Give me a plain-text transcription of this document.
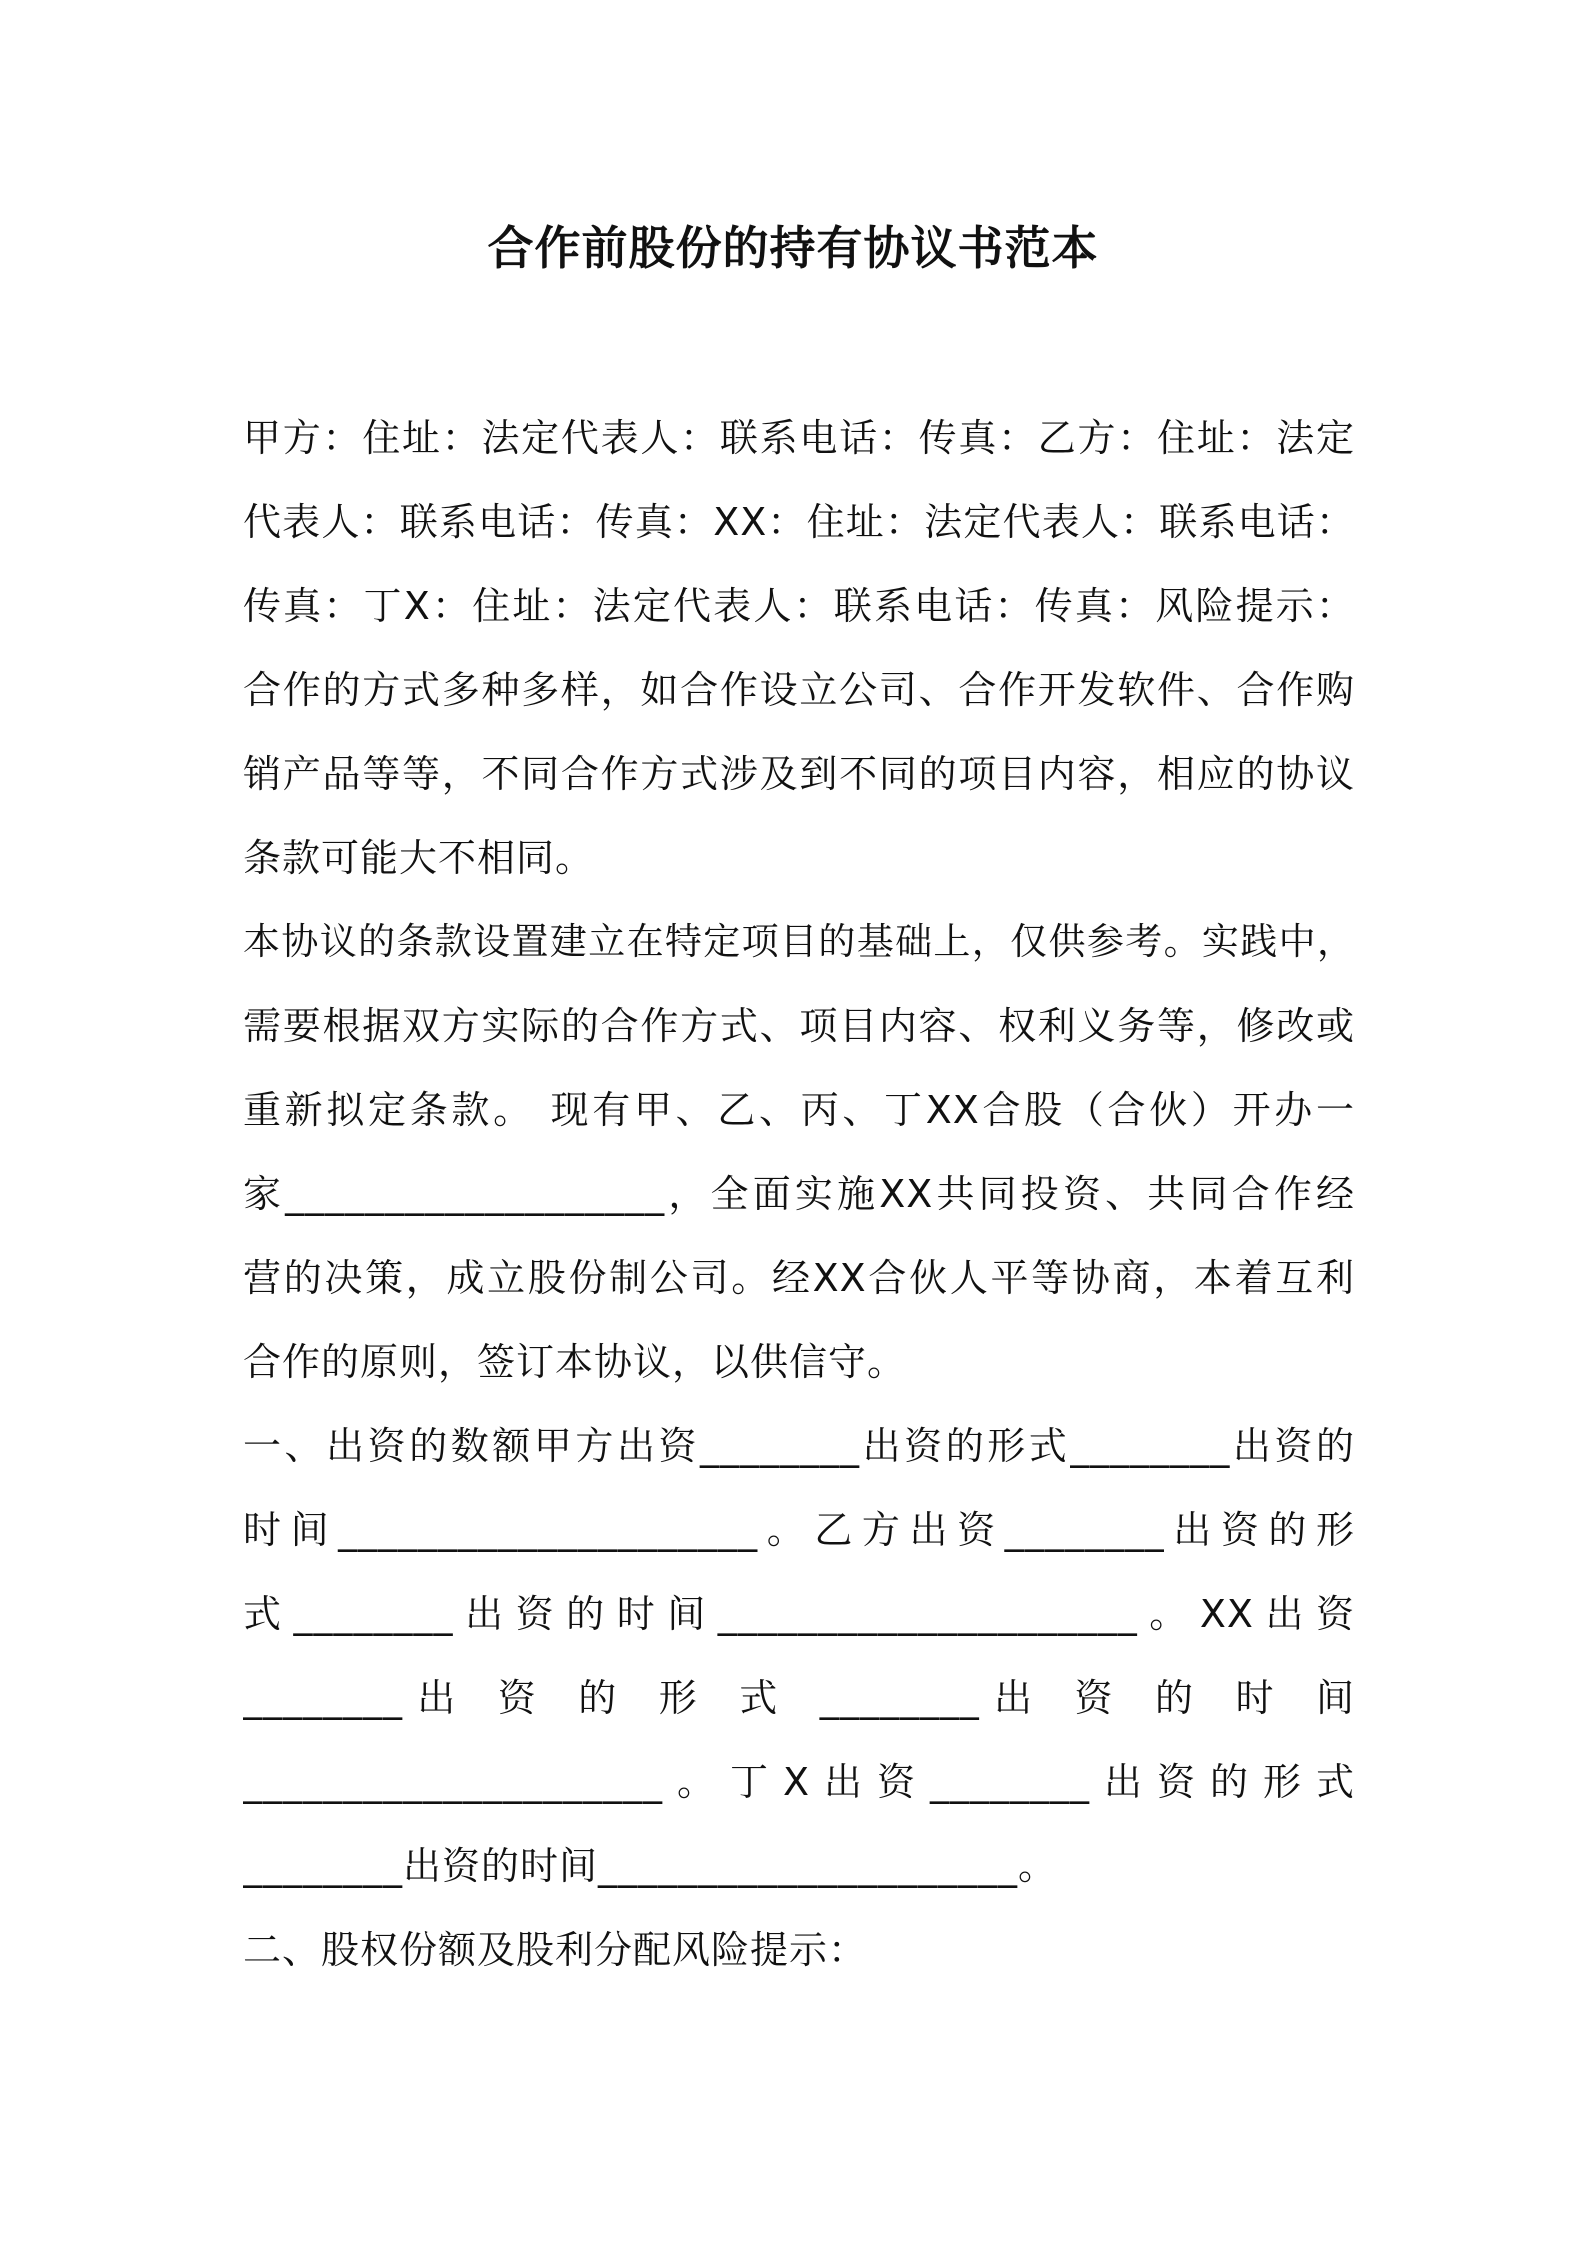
合作前股份的持有协议书范本
甲方：住址：法定代表人：联系电话：传真：乙方：住址：法定
代表人：联系电话：传真：XX：住址：法定代表人：联系电话：
传真：丁X：住址：法定代表人：联系电话：传真：风险提示：
合作的方式多种多样，如合作设立公司、合作开发软件、合作购
销产品等等，不同合作方式涉及到不同的项目内容，相应的协议
条款可能大不相同。
本协议的条款设置建立在特定项目的基础上，仅供参考。实践中，
需要根据双方实际的合作方式、项目内容、权利义务等，修改或
重新拟定条款。 现有甲、乙、丙、丁XX合股（合伙）开办一
家___________________，全面实施XX共同投资、共同合作经
营的决策，成立股份制公司。经XX合伙人平等协商，本着互利
合作的原则，签订本协议，以供信守。
一、出资的数额甲方出资________出资的形式________出资的
时间_____________________。乙方出资________出资的形
式________出资的时间_____________________。XX出资
________出 资 的 形 式 ________出 资 的 时 间
_____________________。丁X出资________出资的形式
________出资的时间_____________________。
二、股权份额及股利分配风险提示：
